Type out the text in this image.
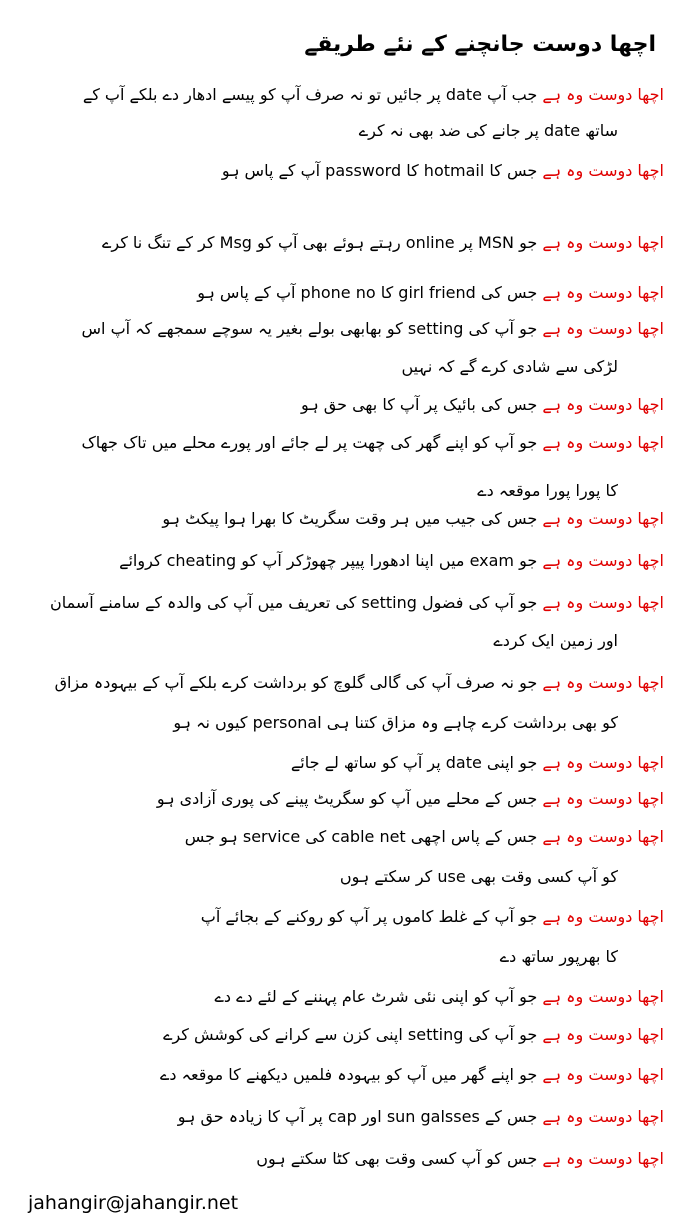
اچھا دوست جانچنے کے نئے طریقے
اچھا دوست وہ ہے جب آپ date پر جائیں تو نہ صرف آپ کو پیسے ادھار دے بلکے آپ کے
ساتھ date پر جانے کی ضد بھی نہ کرے
اچھا دوست وہ ہے جس کا hotmail کا password آپ کے پاس ہو
اچھا دوست وہ ہے جو MSN پر online رہتے ہوئے بھی آپ کو Msg کر کے تنگ نا کرے
اچھا دوست وہ ہے جس کی girl friend کا phone no آپ کے پاس ہو
اچھا دوست وہ ہے جو آپ کی setting کو بھابھی بولے بغیر یہ سوچے سمجھے کہ آپ اس
لڑکی سے شادی کرے گے کہ نہیں
اچھا دوست وہ ہے جس کی بائیک پر آپ کا بھی حق ہو
اچھا دوست وہ ہے جو آپ کو اپنے گھر کی چھت پر لے جائے اور پورے محلے میں تاک جھاک
کا پورا پورا موقعہ دے
اچھا دوست وہ ہے جس کی جیب میں ہر وقت سگریٹ کا بھرا ہوا پیکٹ ہو
اچھا دوست وہ ہے جو exam میں اپنا ادھورا پیپر چھوڑکر آپ کو cheating کروائے
اچھا دوست وہ ہے جو آپ کی فضول setting کی تعریف میں آپ کی والدہ کے سامنے آسمان
اور زمین ایک کردے
اچھا دوست وہ ہے جو نہ صرف آپ کی گالی گلوچ کو برداشت کرے بلکے آپ کے بیہودہ مزاق
کو بھی برداشت کرے چاہے وہ مزاق کتنا ہی personal کیوں نہ ہو
اچھا دوست وہ ہے جو اپنی date پر آپ کو ساتھ لے جائے
اچھا دوست وہ ہے جس کے محلے میں آپ کو سگریٹ پینے کی پوری آزادی ہو
اچھا دوست وہ ہے جس کے پاس اچھی cable net کی service ہو جس
کو آپ کسی وقت بھی use کر سکتے ہوں
اچھا دوست وہ ہے جو آپ کے غلط کاموں پر آپ کو روکنے کے بجائے آپ
کا بھرپور ساتھ دے
اچھا دوست وہ ہے جو آپ کو اپنی نئی شرٹ عام پہننے کے لئے دے دے
اچھا دوست وہ ہے جو آپ کی setting اپنی کزن سے کرانے کی کوشش کرے
اچھا دوست وہ ہے جو اپنے گھر میں آپ کو بیہودہ فلمیں دیکھنے کا موقعہ دے
اچھا دوست وہ ہے جس کے sun galsses اور cap پر آپ کا زیادہ حق ہو
اچھا دوست وہ ہے جس کو آپ کسی وقت بھی کٹا سکتے ہوں
jahangir@jahangir.net
